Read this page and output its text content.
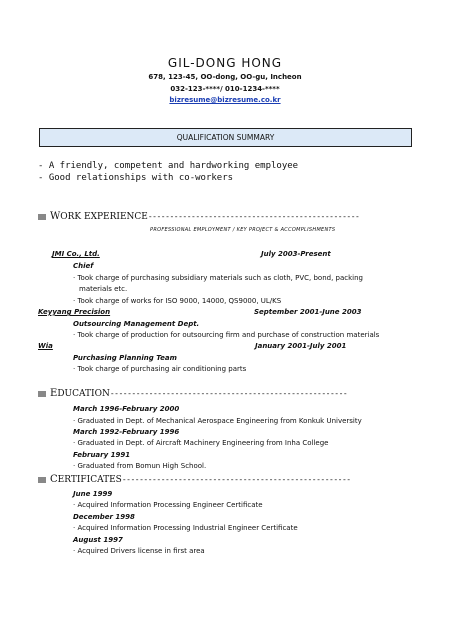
GIL-DONG HONG
678, 123-45, OO-dong, OO-gu, Incheon
032-123-****/ 010-1234-****
bizresume@bizresume.co.kr
QUALIFICATION SUMMARY
- A friendly, competent and hardworking employee
- Good relationships with co-workers
WORK EXPERIENCE-------------------------------------------------
PROFESSIONAL EMPLOYMENT / KEY PROJECT & ACCOMPLISHMENTS
JMI Co., Ltd.	July 2003-Present
Chief
· Took charge of purchasing subsidiary materials such as cloth, PVC, bond, packing
materials etc.
· Took charge of works for ISO 9000, 14000, QS9000, UL/KS
Keyyang Precision	September 2001-June 2003
Outsourcing Management Dept.
· Took charge of production for outsourcing firm and purchase of construction materials
Wia	January 2001-July 2001
Purchasing Planning Team
· Took charge of purchasing air conditioning parts
EDUCATION-------------------------------------------------------
March 1996-February 2000
· Graduated in Dept. of Mechanical Aerospace Engineering from Konkuk University
March 1992-February 1996
· Graduated in Dept. of Aircraft Machinery Engineering from Inha College
February 1991
· Graduated from Bomun High School.
CERTIFICATES-----------------------------------------------------
June 1999
· Acquired Information Processing Engineer Certificate
December 1998
· Acquired Information Processing Industrial Engineer Certificate
August 1997
· Acquired Drivers license in first area
